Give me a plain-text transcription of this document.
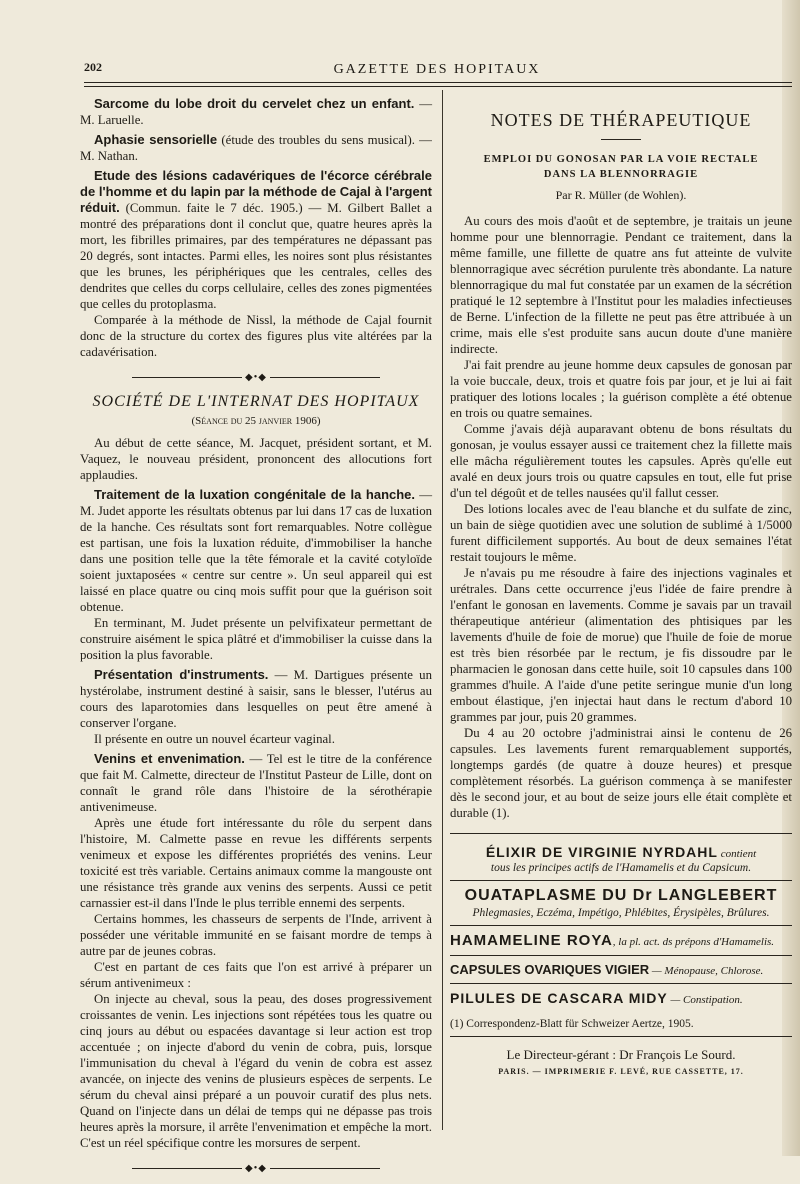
202	GAZETTE DES HOPITAUX

Sarcome du lobe droit du cervelet chez un enfant. — M. Laruelle.

Aphasie sensorielle (étude des troubles du sens musical). — M. Nathan.

Etude des lésions cadavériques de l'écorce cérébrale de l'homme et du lapin par la méthode de Cajal à l'argent réduit. (Commun. faite le 7 déc. 1905.) — M. Gilbert Ballet a montré des préparations dont il conclut que, quatre heures après la mort, les fibrilles primaires, par des températures ne dépassant pas 20 degrés, sont intactes. Parmi elles, les noires sont plus résistantes que les brunes, les périphériques que les centrales, celles des dendrites que celles du corps cellulaire, celles des zones pigmentées que celles du protoplasma.

Comparée à la méthode de Nissl, la méthode de Cajal fournit donc de la structure du cortex des figures plus vite altérées par la cadavérisation.

◆•◆
SOCIÉTÉ DE L'INTERNAT DES HOPITAUX
(Séance du 25 janvier 1906)

Au début de cette séance, M. Jacquet, président sortant, et M. Vaquez, le nouveau président, prononcent des allocutions fort applaudies.

Traitement de la luxation congénitale de la hanche. — M. Judet apporte les résultats obtenus par lui dans 17 cas de luxation de la hanche. Ces résultats sont fort remarquables. Notre collègue est partisan, une fois la luxation réduite, d'immobiliser la hanche dans une position telle que la tête fémorale et la cavité cotyloïde soient juxtaposées « centre sur centre ». Un seul appareil qui est laissé en place quatre ou cinq mois suffit pour que la guérison soit obtenue.

En terminant, M. Judet présente un pelvifixateur permettant de construire aisément le spica plâtré et d'immobiliser la cuisse dans la position la plus favorable.

Présentation d'instruments. — M. Dartigues présente un hystérolabe, instrument destiné à saisir, sans le blesser, l'utérus au cours des laparotomies dans lesquelles on peut être amené à conserver l'organe.

Il présente en outre un nouvel écarteur vaginal.

Venins et envenimation. — Tel est le titre de la conférence que fait M. Calmette, directeur de l'Institut Pasteur de Lille, dont on connaît le grand rôle dans l'histoire de la sérothérapie antivenimeuse.

Après une étude fort intéressante du rôle du serpent dans l'histoire, M. Calmette passe en revue les différents serpents venimeux et expose les différentes propriétés des venins. Leur toxicité est très variable. Certains animaux comme la mangouste ont une résistance très grande aux venins des serpents. Aussi ce petit carnassier est-il dans l'Inde le plus terrible ennemi des serpents.

Certains hommes, les chasseurs de serpents de l'Inde, arrivent à posséder une véritable immunité en se faisant mordre de temps à autre par de jeunes cobras.

C'est en partant de ces faits que l'on est arrivé à préparer un sérum antivenimeux :

On injecte au cheval, sous la peau, des doses progressivement croissantes de venin. Les injections sont répétées tous les quatre ou cinq jours au début ou espacées davantage si leur action est trop accentuée ; on injecte d'abord du venin de cobra, puis, lorsque l'immunisation du cheval à l'égard du venin de cobra est assez avancée, on injecte des venins de plusieurs espèces de serpents. Le sérum du cheval ainsi préparé a un pouvoir curatif des plus nets. Quand on l'injecte dans un délai de temps qui ne dépasse pas trois heures après la morsure, il arrête l'envenimation et empêche la mort. C'est un réel spécifique contre les morsures de serpent.

◆•◆
NOTES DE THÉRAPEUTIQUE
EMPLOI DU GONOSAN PAR LA VOIE RECTALE
DANS LA BLENNORRAGIE
Par R. Müller (de Wohlen).

Au cours des mois d'août et de septembre, je traitais un jeune homme pour une blennorragie. Pendant ce traitement, dans la même famille, une fillette de quatre ans fut atteinte de vulvite blennorragique avec sécrétion purulente très abondante. La nature blennorragique du mal fut constatée par un examen de la sécrétion pratiqué le 12 septembre à l'Institut pour les maladies infectieuses de Berne. L'infection de la fillette ne peut pas être attribuée à un crime, mais elle s'est produite sans aucun doute d'une manière indirecte.

J'ai fait prendre au jeune homme deux capsules de gonosan par la voie buccale, deux, trois et quatre fois par jour, et je lui ai fait pratiquer des lotions locales ; la guérison complète a été obtenue en trois ou quatre semaines.

Comme j'avais déjà auparavant obtenu de bons résultats du gonosan, je voulus essayer aussi ce traitement chez la fillette mais elle mâcha régulièrement toutes les capsules. Après qu'elle eut avalé en deux jours trois ou quatre capsules en tout, elle fut prise d'un tel dégoût et de telles nausées qu'il fallut cesser.

Des lotions locales avec de l'eau blanche et du sulfate de zinc, un bain de siège quotidien avec une solution de sublimé à 1/5000 furent difficilement supportés. Au bout de deux semaines l'état restait toujours le même.

Je n'avais pu me résoudre à faire des injections vaginales et urétrales. Dans cette occurrence j'eus l'idée de faire prendre à l'enfant le gonosan en lavements. Comme je savais par un travail thérapeutique antérieur (alimentation des phtisiques par les lavements d'huile de foie de morue) que l'huile de foie de morue est très bien résorbée par le rectum, je fis dissoudre par le pharmacien le gonosan dans cette huile, soit 10 capsules dans 100 grammes d'huile. A l'aide d'une petite seringue munie d'un long embout élastique, j'en injectai haut dans le rectum d'abord 10 grammes par jour, puis 20 grammes.

Du 4 au 20 octobre j'administrai ainsi le contenu de 26 capsules. Les lavements furent remarquablement supportés, longtemps gardés (de quatre à douze heures) et presque complètement résorbés. La guérison commença à se manifester dès le second jour, et au bout de seize jours elle était complète et durable (1).

ÉLIXIR DE VIRGINIE NYRDAHL contient
tous les principes actifs de l'Hamamelis et du Capsicum.
OUATAPLASME DU Dr LANGLEBERT
Phlegmasies, Eczéma, Impétigo, Phlébites, Érysipèles, Brûlures.
HAMAMELINE ROYA, la pl. act. ds prépons d'Hamamelis.
CAPSULES OVARIQUES VIGIER — Ménopause, Chlorose.
PILULES DE CASCARA MIDY — Constipation.
(1) Correspondenz-Blatt für Schweizer Aertze, 1905.
Le Directeur-gérant : Dr François Le Sourd.
PARIS. — IMPRIMERIE F. LEVÉ, RUE CASSETTE, 17.
